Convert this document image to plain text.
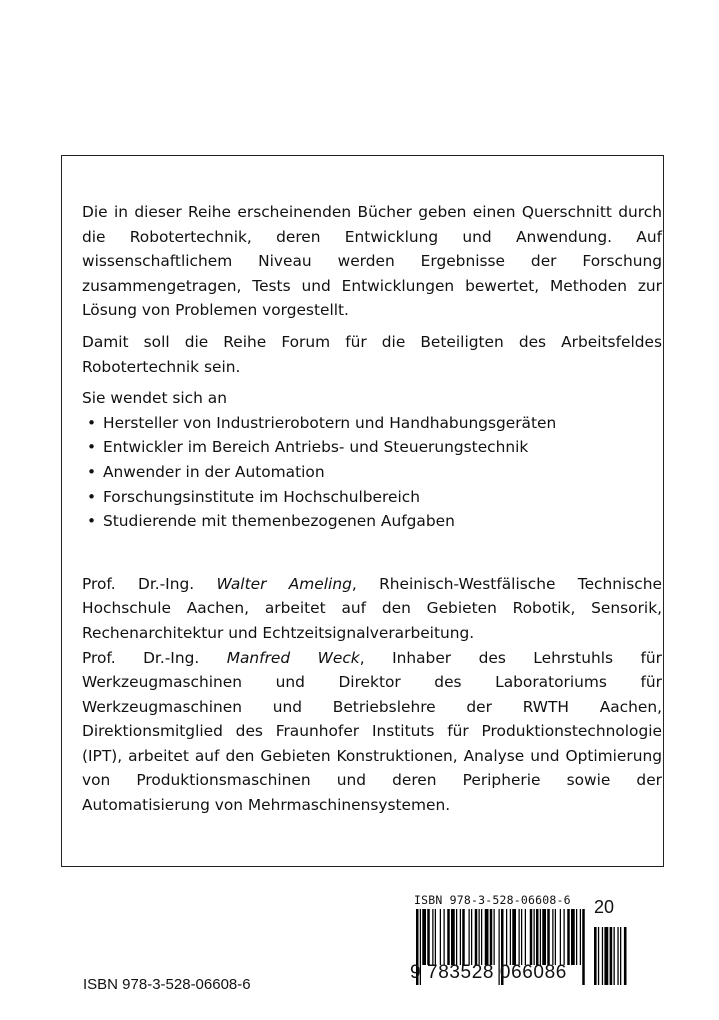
Die in dieser Reihe erscheinenden Bücher geben einen Querschnitt durch die Robotertechnik, deren Entwicklung und Anwendung. Auf wissenschaftlichem Niveau werden Ergebnisse der Forschung zusammengetragen, Tests und Entwicklungen bewertet, Methoden zur Lösung von Problemen vorgestellt.

Damit soll die Reihe Forum für die Beteiligten des Arbeitsfeldes Robotertechnik sein.

Sie wendet sich an

• Hersteller von Industrierobotern und Handhabungsgeräten
• Entwickler im Bereich Antriebs- und Steuerungstechnik
• Anwender in der Automation
• Forschungsinstitute im Hochschulbereich
• Studierende mit themenbezogenen Aufgaben

Prof. Dr.-Ing. Walter Ameling, Rheinisch-Westfälische Technische Hochschule Aachen, arbeitet auf den Gebieten Robotik, Sensorik, Rechenarchitektur und Echtzeitsignalverarbeitung.

Prof. Dr.-Ing. Manfred Weck, Inhaber des Lehrstuhls für Werkzeugmaschinen und Direktor des Laboratoriums für Werkzeugmaschinen und Betriebslehre der RWTH Aachen, Direktionsmitglied des Fraunhofer Instituts für Produktionstechnologie (IPT), arbeitet auf den Gebieten Konstruktionen, Analyse und Optimierung von Produktionsmaschinen und deren Peripherie sowie der Automatisierung von Mehrmaschinensystemen.

ISBN 978-3-528-06608-6 20
9 783528 066086
ISBN 978-3-528-06608-6
